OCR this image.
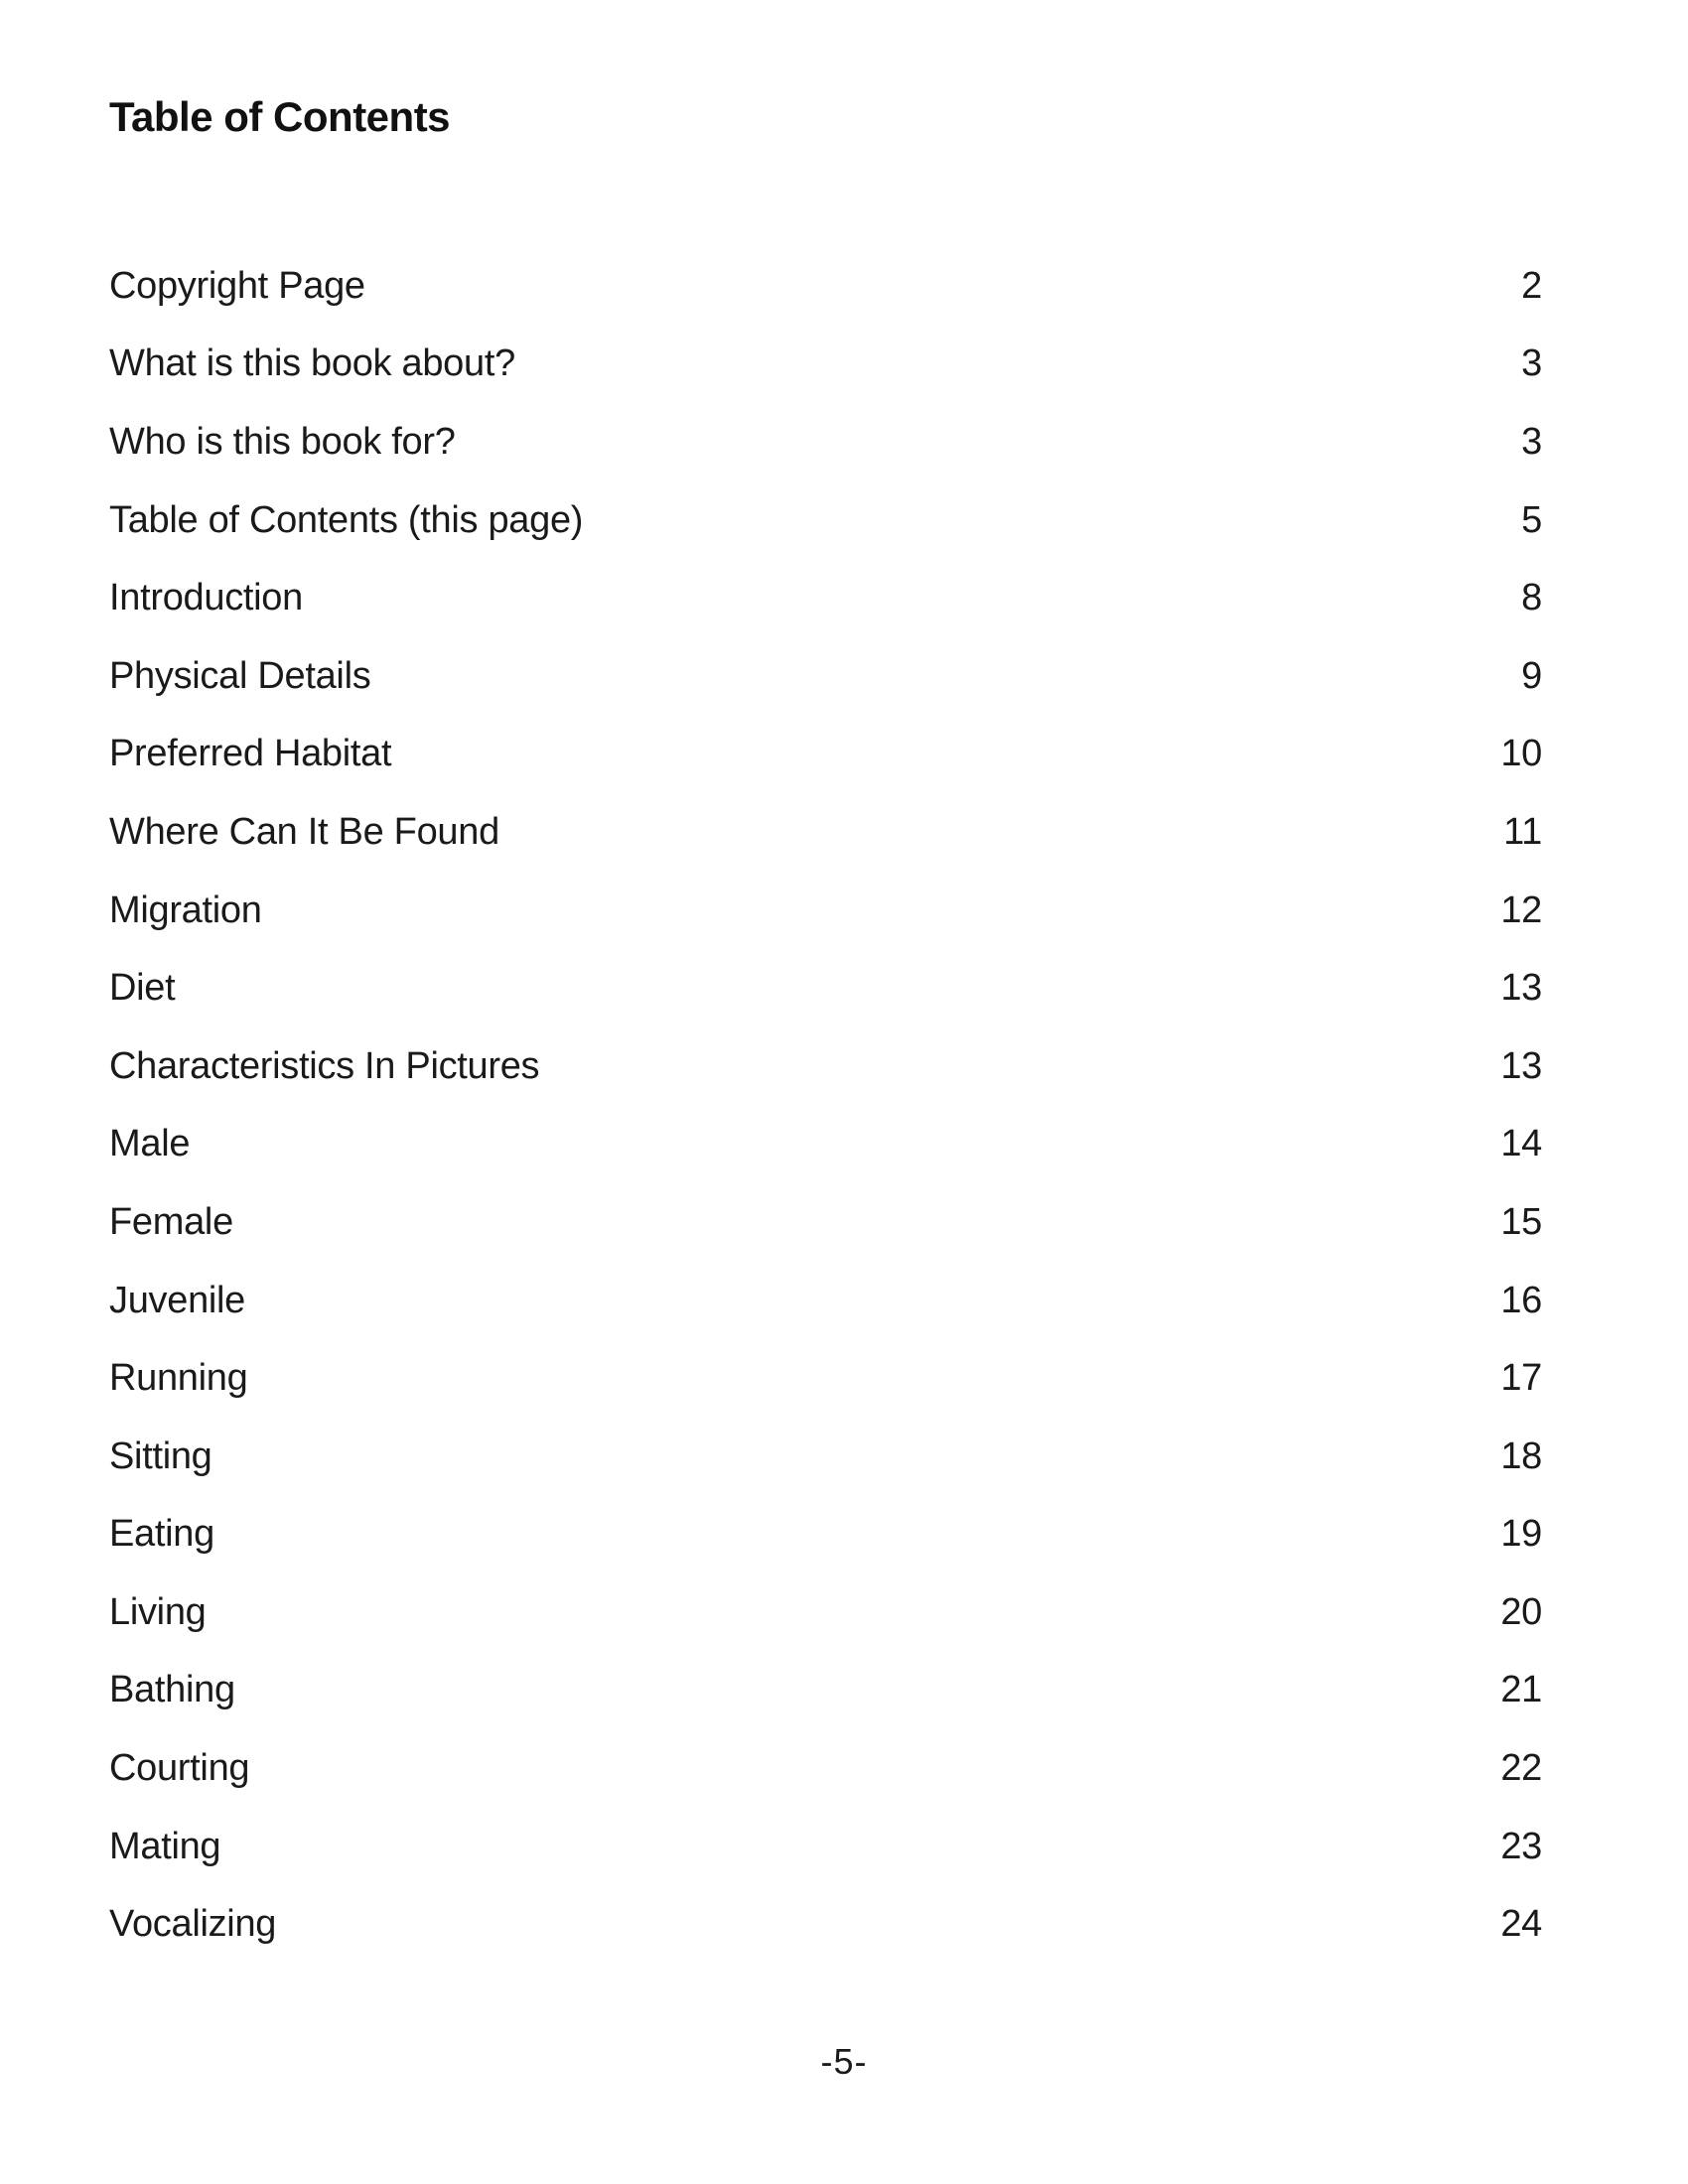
Table of Contents
Copyright Page	2
What is this book about?	3
Who is this book for?	3
Table of Contents (this page)	5
Introduction	8
Physical Details	9
Preferred Habitat	10
Where Can It Be Found	11
Migration	12
Diet	13
Characteristics In Pictures	13
Male	14
Female	15
Juvenile	16
Running	17
Sitting	18
Eating	19
Living	20
Bathing	21
Courting	22
Mating	23
Vocalizing	24
-5-
